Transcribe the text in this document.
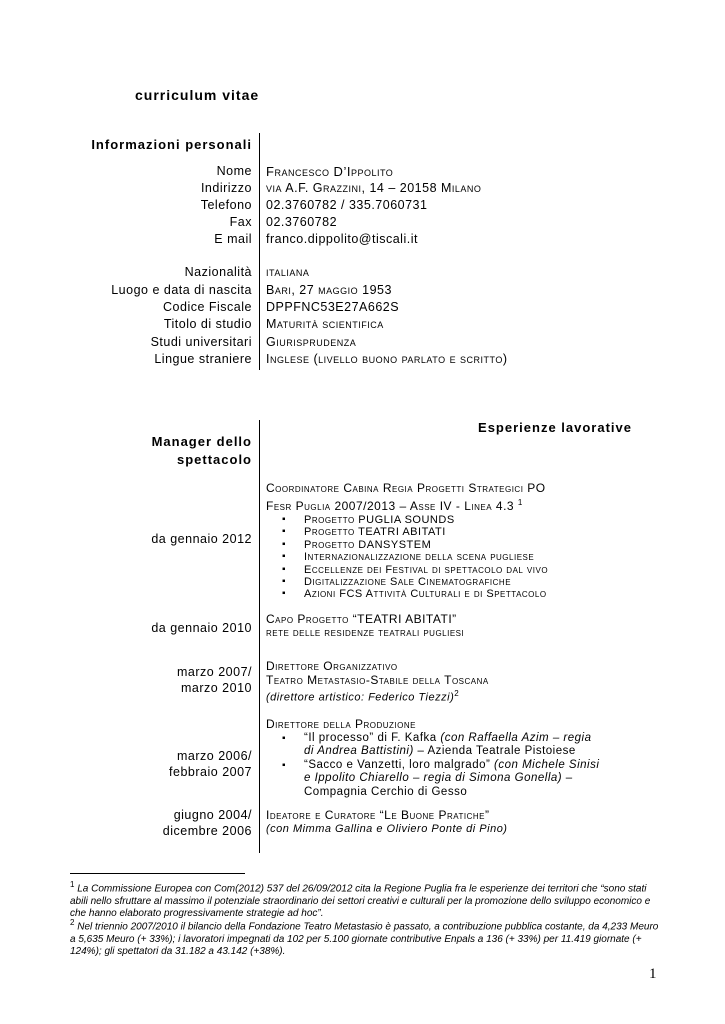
curriculum vitae
Informazioni personali
Nome Francesco D’Ippolito
Indirizzo via A.F. Grazzini, 14 – 20158 Milano
Telefono 02.3760782 / 335.7060731
Fax 02.3760782
E mail franco.dippolito@tiscali.it
Nazionalità italiana
Luogo e data di nascita Bari, 27 maggio 1953
Codice Fiscale DPPFNC53E27A662S
Titolo di studio Maturità scientifica
Studi universitari Giurisprudenza
Lingue straniere Inglese (livello buono parlato e scritto)
Esperienze lavorative
Manager dello
spettacolo
da gennaio 2012
Coordinatore Cabina Regia Progetti Strategici PO
Fesr Puglia 2007/2013 – Asse IV - Linea 4.3 $^1$
▪ Progetto PUGLIA SOUNDS
▪ Progetto TEATRI ABITATI
▪ Progetto DANSYSTEM
▪ Internazionalizzazione della scena pugliese
▪ Eccellenze dei Festival di spettacolo dal vivo
▪ Digitalizzazione Sale Cinematografiche
▪ Azioni FCS Attività Culturali e di Spettacolo
da gennaio 2010
Capo Progetto “TEATRI ABITATI”
rete delle residenze teatrali pugliesi
marzo 2007/
marzo 2010
Direttore Organizzativo
Teatro Metastasio-Stabile della Toscana
(direttore artistico: Federico Tiezzi)$^2$
marzo 2006/
febbraio 2007
Direttore della Produzione
▪ “Il processo” di F. Kafka (con Raffaella Azim – regia
di Andrea Battistini) – Azienda Teatrale Pistoiese
▪ “Sacco e Vanzetti, loro malgrado” (con Michele Sinisi
e Ippolito Chiarello – regia di Simona Gonella) –
Compagnia Cerchio di Gesso
giugno 2004/
dicembre 2006
Ideatore e Curatore “Le Buone Pratiche”
(con Mimma Gallina e Oliviero Ponte di Pino)
$^1$ La Commissione Europea con Com(2012) 537 del 26/09/2012 cita la Regione Puglia fra le esperienze dei territori che “sono stati abili nello sfruttare al massimo il potenziale straordinario dei settori creativi e culturali per la promozione dello sviluppo economico e che hanno elaborato progressivamente strategie ad hoc”.
$^2$ Nel triennio 2007/2010 il bilancio della Fondazione Teatro Metastasio è passato, a contribuzione pubblica costante, da 4,233 Meuro a 5,635 Meuro (+ 33%); i lavoratori impegnati da 102 per 5.100 giornate contributive Enpals a 136 (+ 33%) per 11.419 giornate (+ 124%); gli spettatori da 31.182 a 43.142 (+38%).
1
